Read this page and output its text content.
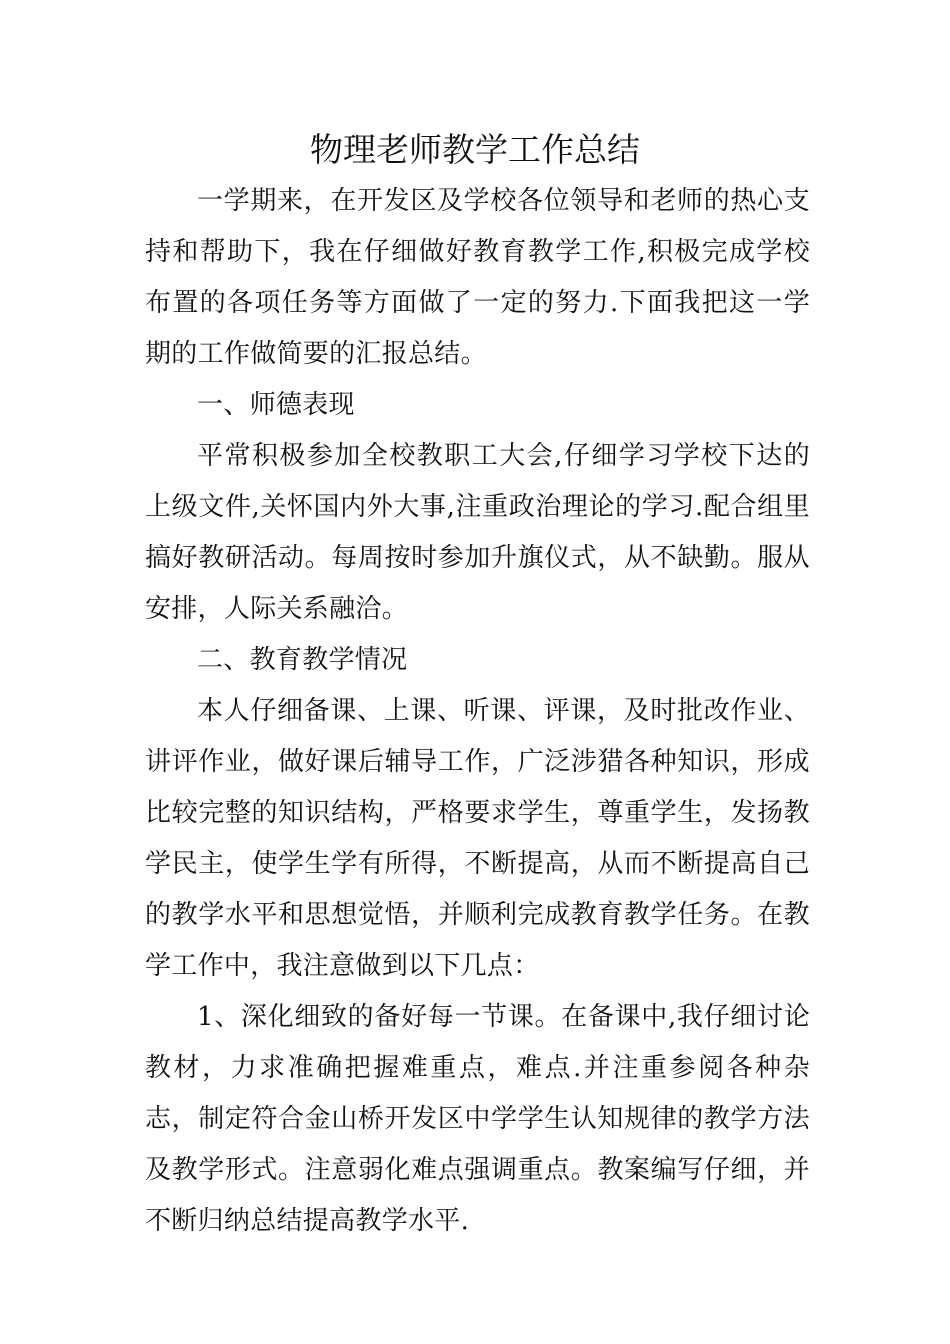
物理老师教学工作总结

一学期来，在开发区及学校各位领导和老师的热心支持和帮助下，我在仔细做好教育教学工作,积极完成学校布置的各项任务等方面做了一定的努力.下面我把这一学期的工作做简要的汇报总结。

一、师德表现

平常积极参加全校教职工大会,仔细学习学校下达的上级文件,关怀国内外大事,注重政治理论的学习.配合组里搞好教研活动。每周按时参加升旗仪式，从不缺勤。服从安排，人际关系融洽。

二、教育教学情况

本人仔细备课、上课、听课、评课，及时批改作业、讲评作业，做好课后辅导工作，广泛涉猎各种知识，形成比较完整的知识结构，严格要求学生，尊重学生，发扬教学民主，使学生学有所得，不断提高，从而不断提高自己的教学水平和思想觉悟，并顺利完成教育教学任务。在教学工作中，我注意做到以下几点：

1、深化细致的备好每一节课。在备课中,我仔细讨论教材，力求准确把握难重点，难点.并注重参阅各种杂志，制定符合金山桥开发区中学学生认知规律的教学方法及教学形式。注意弱化难点强调重点。教案编写仔细，并不断归纳总结提高教学水平.
